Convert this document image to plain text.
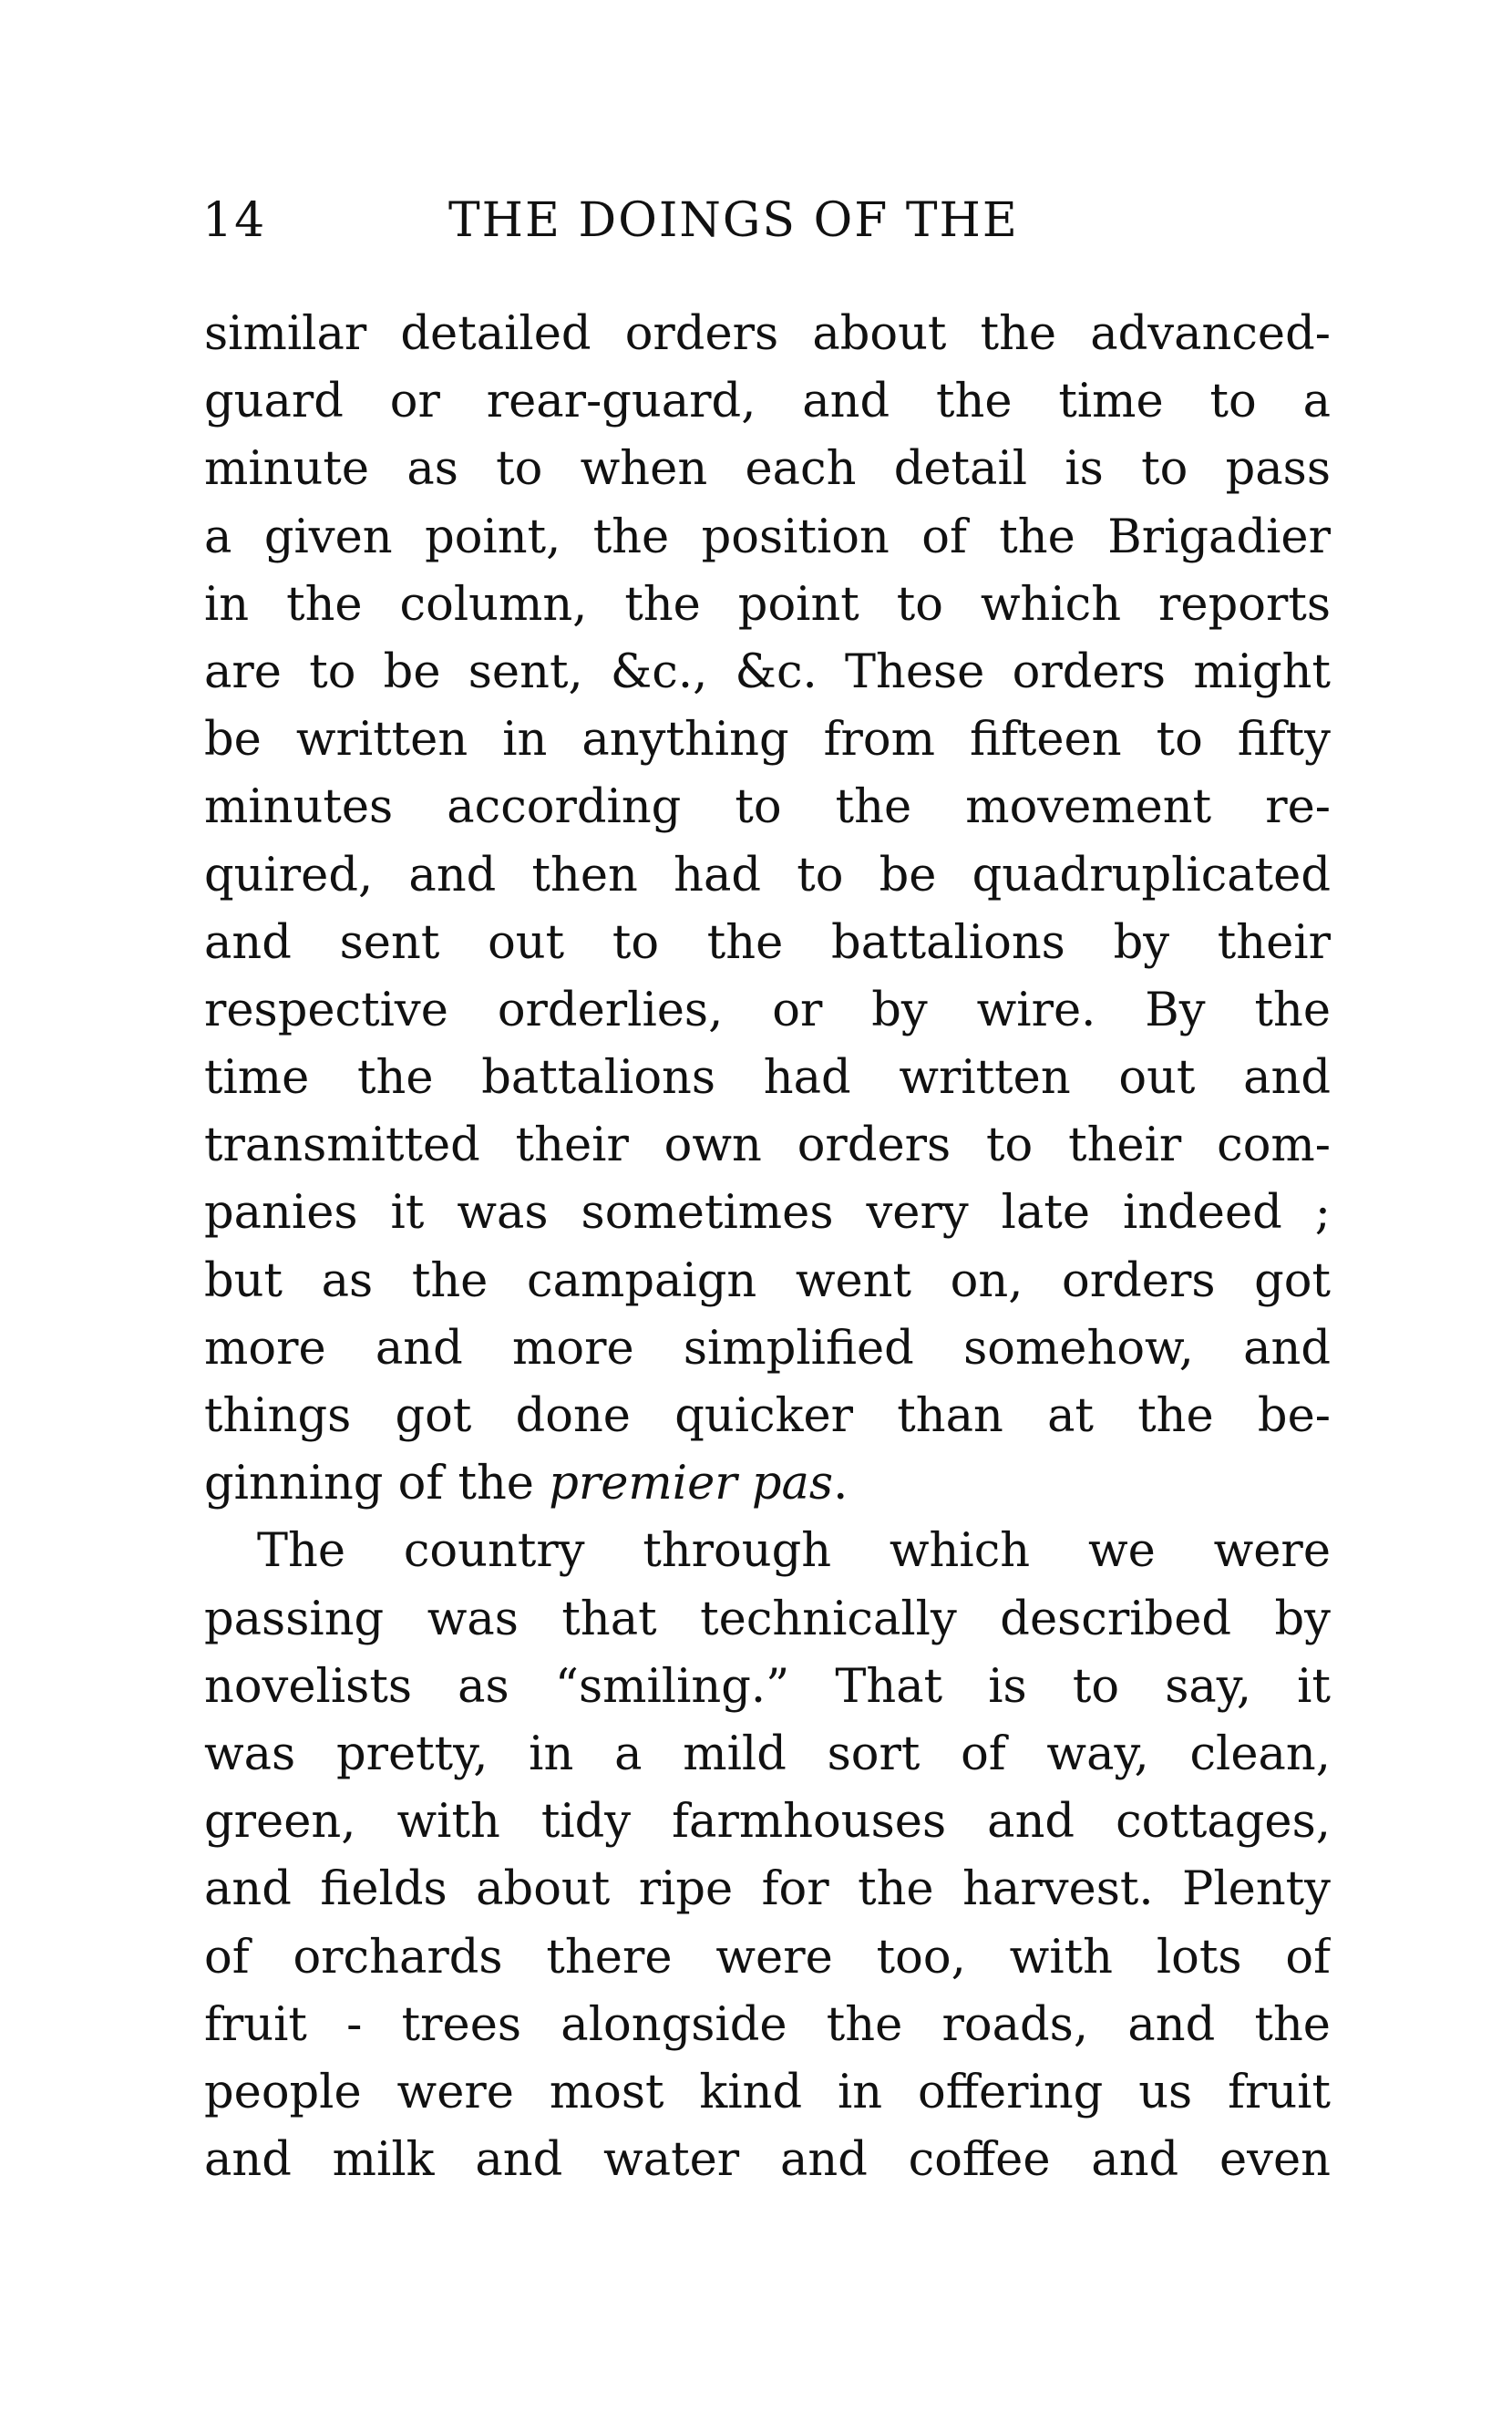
14	THE DOINGS OF THE
similar detailed orders about the advanced-
guard or rear-guard, and the time to a
minute as to when each detail is to pass
a given point, the position of the Brigadier
in the column, the point to which reports
are to be sent, &c., &c. These orders might
be written in anything from fifteen to fifty
minutes according to the movement re-
quired, and then had to be quadruplicated
and sent out to the battalions by their
respective orderlies, or by wire. By the
time the battalions had written out and
transmitted their own orders to their com-
panies it was sometimes very late indeed ;
but as the campaign went on, orders got
more and more simplified somehow, and
things got done quicker than at the be-
ginning of the premier pas.
The country through which we were
passing was that technically described by
novelists as “smiling.” That is to say, it
was pretty, in a mild sort of way, clean,
green, with tidy farmhouses and cottages,
and fields about ripe for the harvest. Plenty
of orchards there were too, with lots of
fruit - trees alongside the roads, and the
people were most kind in offering us fruit
and milk and water and coffee and even
